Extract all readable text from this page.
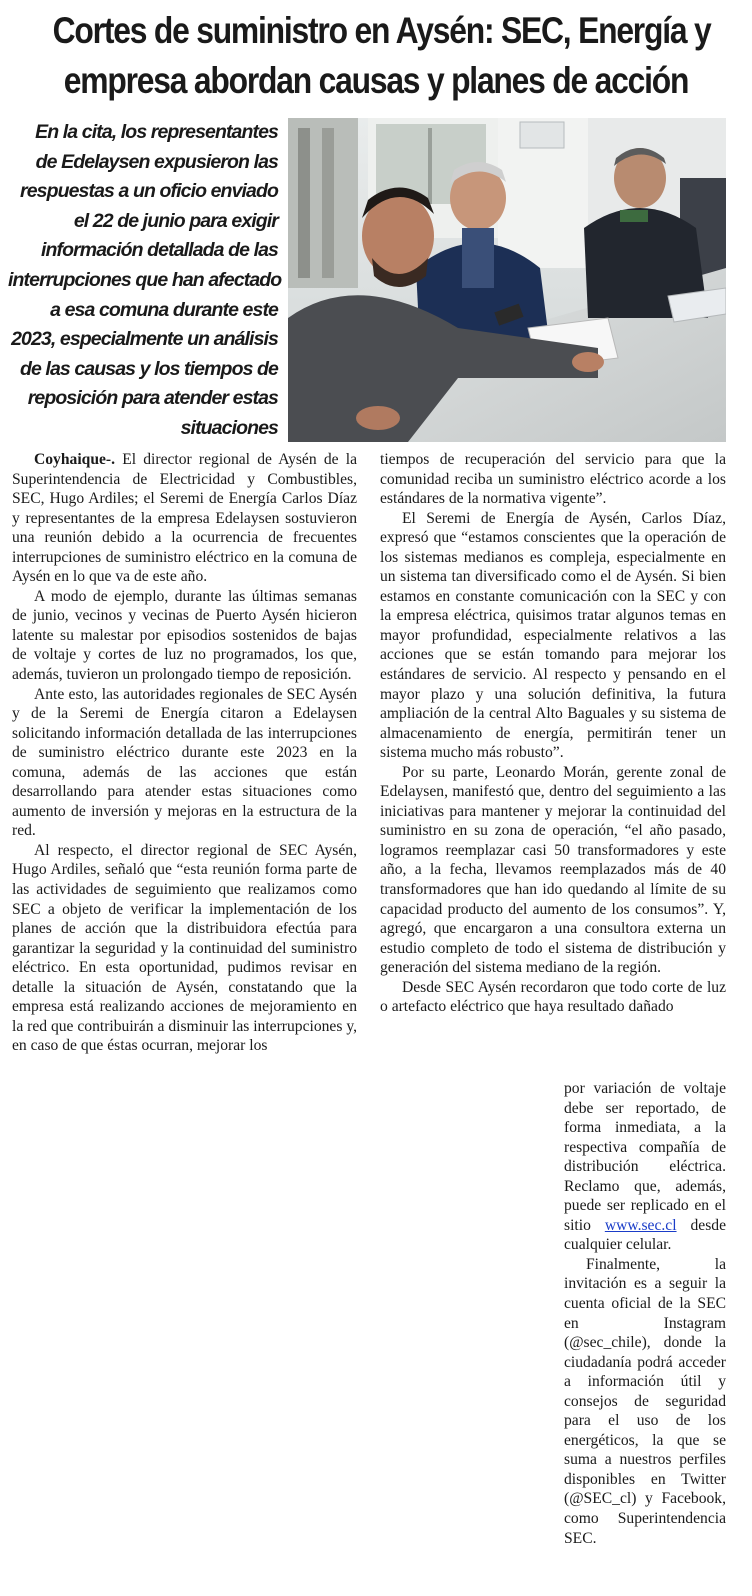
Cortes de suministro en Aysén: SEC, Energía y
empresa abordan causas y planes de acción
En la cita, los representantes
de Edelaysen expusieron las
respuestas a un oficio enviado
el 22 de junio para exigir
información detallada de las
interrupciones que han afectado
a esa comuna durante este
2023, especialmente un análisis
de las causas y los tiempos de
reposición para atender estas
situaciones

Coyhaique-. El director regional de Aysén de la Superintendencia de Electricidad y Combustibles, SEC, Hugo Ardiles; el Seremi de Energía Carlos Díaz y representantes de la empresa Edelaysen sostuvieron una reunión debido a la ocurrencia de frecuentes interrupciones de suministro eléctrico en la comuna de Aysén en lo que va de este año.

A modo de ejemplo, durante las últimas semanas de junio, vecinos y vecinas de Puerto Aysén hicieron latente su malestar por episodios sostenidos de bajas de voltaje y cortes de luz no programados, los que, además, tuvieron un prolongado tiempo de reposición.

Ante esto, las autoridades regionales de SEC Aysén y de la Seremi de Energía citaron a Edelaysen solicitando información detallada de las interrupciones de suministro eléctrico durante este 2023 en la comuna, además de las acciones que están desarrollando para atender estas situaciones como aumento de inversión y mejoras en la estructura de la red.

Al respecto, el director regional de SEC Aysén, Hugo Ardiles, señaló que “esta reunión forma parte de las actividades de seguimiento que realizamos como SEC a objeto de verificar la implementación de los planes de acción que la distribuidora efectúa para garantizar la seguridad y la continuidad del suministro eléctrico. En esta oportunidad, pudimos revisar en detalle la situación de Aysén, constatando que la empresa está realizando acciones de mejoramiento en la red que contribuirán a disminuir las interrupciones y, en caso de que éstas ocurran, mejorar los

tiempos de recuperación del servicio para que la comunidad reciba un suministro eléctrico acorde a los estándares de la normativa vigente”.

El Seremi de Energía de Aysén, Carlos Díaz, expresó que “estamos conscientes que la operación de los sistemas medianos es compleja, especialmente en un sistema tan diversificado como el de Aysén. Si bien estamos en constante comunicación con la SEC y con la empresa eléctrica, quisimos tratar algunos temas en mayor profundidad, especialmente relativos a las acciones que se están tomando para mejorar los estándares de servicio. Al respecto y pensando en el mayor plazo y una solución definitiva, la futura ampliación de la central Alto Baguales y su sistema de almacenamiento de energía, permitirán tener un sistema mucho más robusto”.

Por su parte, Leonardo Morán, gerente zonal de Edelaysen, manifestó que, dentro del seguimiento a las iniciativas para mantener y mejorar la continuidad del suministro en su zona de operación, “el año pasado, logramos reemplazar casi 50 transformadores y este año, a la fecha, llevamos reemplazados más de 40 transformadores que han ido quedando al límite de su capacidad producto del aumento de los consumos”. Y, agregó, que encargaron a una consultora externa un estudio completo de todo el sistema de distribución y generación del sistema mediano de la región.

Desde SEC Aysén recordaron que todo corte de luz o artefacto eléctrico que haya resultado dañado

por variación de voltaje debe ser reportado, de forma inmediata, a la respectiva compañía de distribución eléctrica. Reclamo que, además, puede ser replicado en el sitio www.sec.cl desde cualquier celular.

Finalmente, la invitación es a seguir la cuenta oficial de la SEC en Instagram (@sec_chile), donde la ciudadanía podrá acceder a información útil y consejos de seguridad para el uso de los energéticos, la que se suma a nuestros perfiles disponibles en Twitter (@SEC_cl) y Facebook, como Superintendencia SEC.
